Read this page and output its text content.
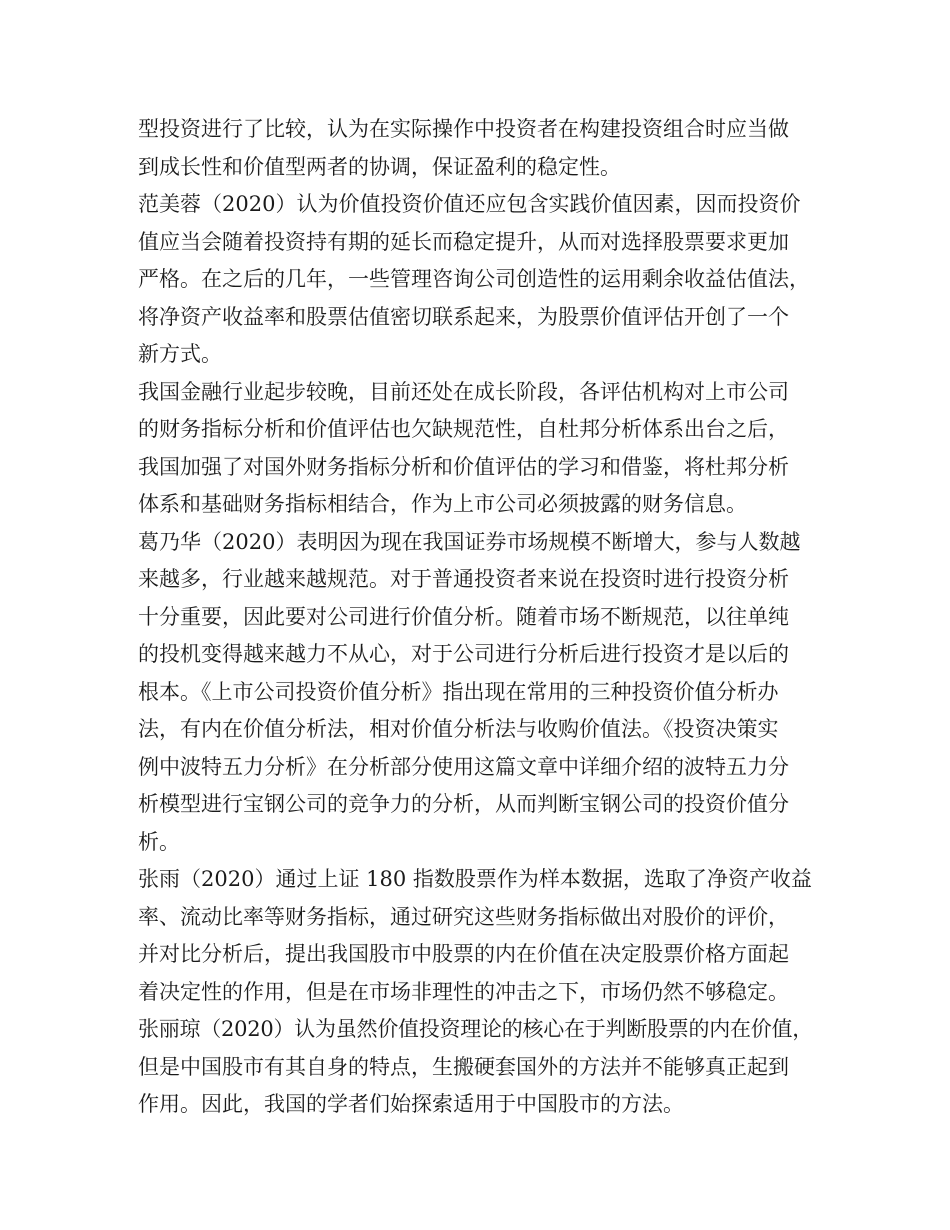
型投资进行了比较，认为在实际操作中投资者在构建投资组合时应当做
到成长性和价值型两者的协调，保证盈利的稳定性。
范美蓉（2020）认为价值投资价值还应包含实践价值因素，因而投资价
值应当会随着投资持有期的延长而稳定提升，从而对选择股票要求更加
严格。在之后的几年，一些管理咨询公司创造性的运用剩余收益估值法，
将净资产收益率和股票估值密切联系起来，为股票价值评估开创了一个
新方式。
我国金融行业起步较晚，目前还处在成长阶段，各评估机构对上市公司
的财务指标分析和价值评估也欠缺规范性，自杜邦分析体系出台之后，
我国加强了对国外财务指标分析和价值评估的学习和借鉴，将杜邦分析
体系和基础财务指标相结合，作为上市公司必须披露的财务信息。
葛乃华（2020）表明因为现在我国证券市场规模不断增大，参与人数越
来越多，行业越来越规范。对于普通投资者来说在投资时进行投资分析
十分重要，因此要对公司进行价值分析。随着市场不断规范，以往单纯
的投机变得越来越力不从心，对于公司进行分析后进行投资才是以后的
根本。《上市公司投资价值分析》指出现在常用的三种投资价值分析办
法，有内在价值分析法，相对价值分析法与收购价值法。《投资决策实
例中波特五力分析》在分析部分使用这篇文章中详细介绍的波特五力分
析模型进行宝钢公司的竞争力的分析，从而判断宝钢公司的投资价值分
析。
张雨（2020）通过上证 180 指数股票作为样本数据，选取了净资产收益
率、流动比率等财务指标，通过研究这些财务指标做出对股价的评价，
并对比分析后，提出我国股市中股票的内在价值在决定股票价格方面起
着决定性的作用，但是在市场非理性的冲击之下，市场仍然不够稳定。
张丽琼（2020）认为虽然价值投资理论的核心在于判断股票的内在价值，
但是中国股市有其自身的特点，生搬硬套国外的方法并不能够真正起到
作用。因此，我国的学者们始探索适用于中国股市的方法。
